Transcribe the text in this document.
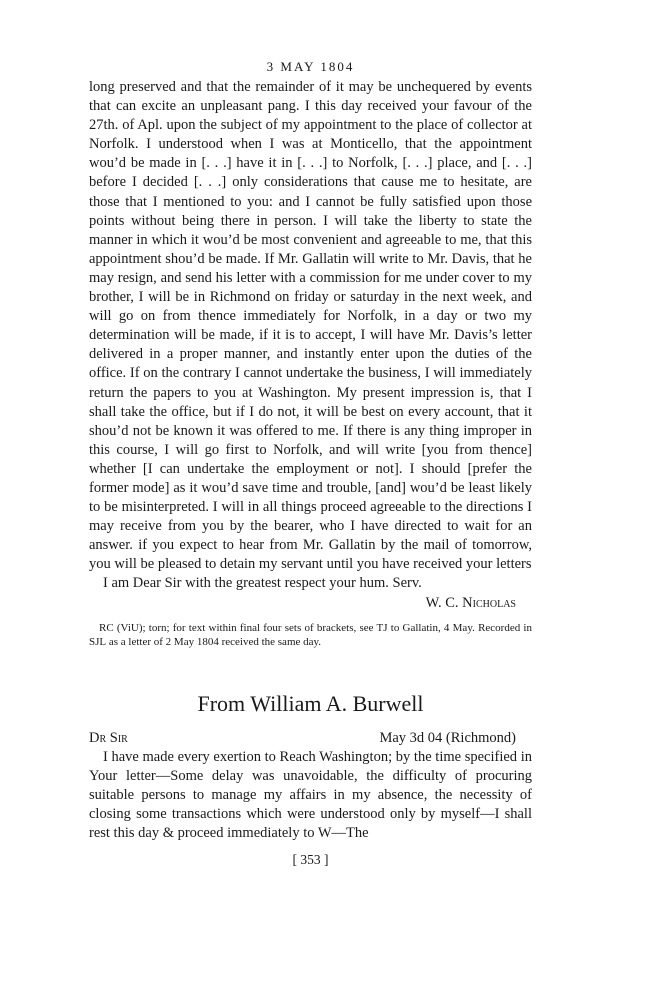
3 MAY 1804

long preserved and that the remainder of it may be unchequered by events that can excite an unpleasant pang. I this day received your favour of the 27th. of Apl. upon the subject of my appointment to the place of collector at Norfolk. I understood when I was at Monticello, that the appointment wou’d be made in [. . .] have it in [. . .] to Norfolk, [. . .] place, and [. . .] before I decided [. . .] only considerations that cause me to hesitate, are those that I mentioned to you: and I cannot be fully satisfied upon those points without being there in person. I will take the liberty to state the manner in which it wou’d be most convenient and agreeable to me, that this appointment shou’d be made. If Mr. Gallatin will write to Mr. Davis, that he may resign, and send his letter with a commission for me under cover to my brother, I will be in Richmond on friday or saturday in the next week, and will go on from thence immediately for Norfolk, in a day or two my determination will be made, if it is to accept, I will have Mr. Davis’s letter delivered in a proper manner, and instantly enter upon the duties of the office. If on the contrary I cannot undertake the business, I will immediately return the papers to you at Washington. My present impression is, that I shall take the office, but if I do not, it will be best on every account, that it shou’d not be known it was offered to me. If there is any thing improper in this course, I will go first to Norfolk, and will write [you from thence] whether [I can undertake the employment or not]. I should [prefer the former mode] as it wou’d save time and trouble, [and] wou’d be least likely to be misinterpreted. I will in all things proceed agreeable to the directions I may receive from you by the bearer, who I have directed to wait for an answer. if you expect to hear from Mr. Gallatin by the mail of tomorrow, you will be pleased to detain my servant until you have received your letters

I am Dear Sir with the greatest respect your hum. Serv.

W. C. Nicholas
RC (ViU); torn; for text within final four sets of brackets, see TJ to Gallatin, 4 May. Recorded in SJL as a letter of 2 May 1804 received the same day.
From William A. Burwell
Dr Sir	May 3d 04 (Richmond)

I have made every exertion to Reach Washington; by the time specified in Your letter—Some delay was unavoidable, the difficulty of procuring suitable persons to manage my affairs in my absence, the necessity of closing some transactions which were understood only by myself—I shall rest this day & proceed immediately to W—The

[ 353 ]
